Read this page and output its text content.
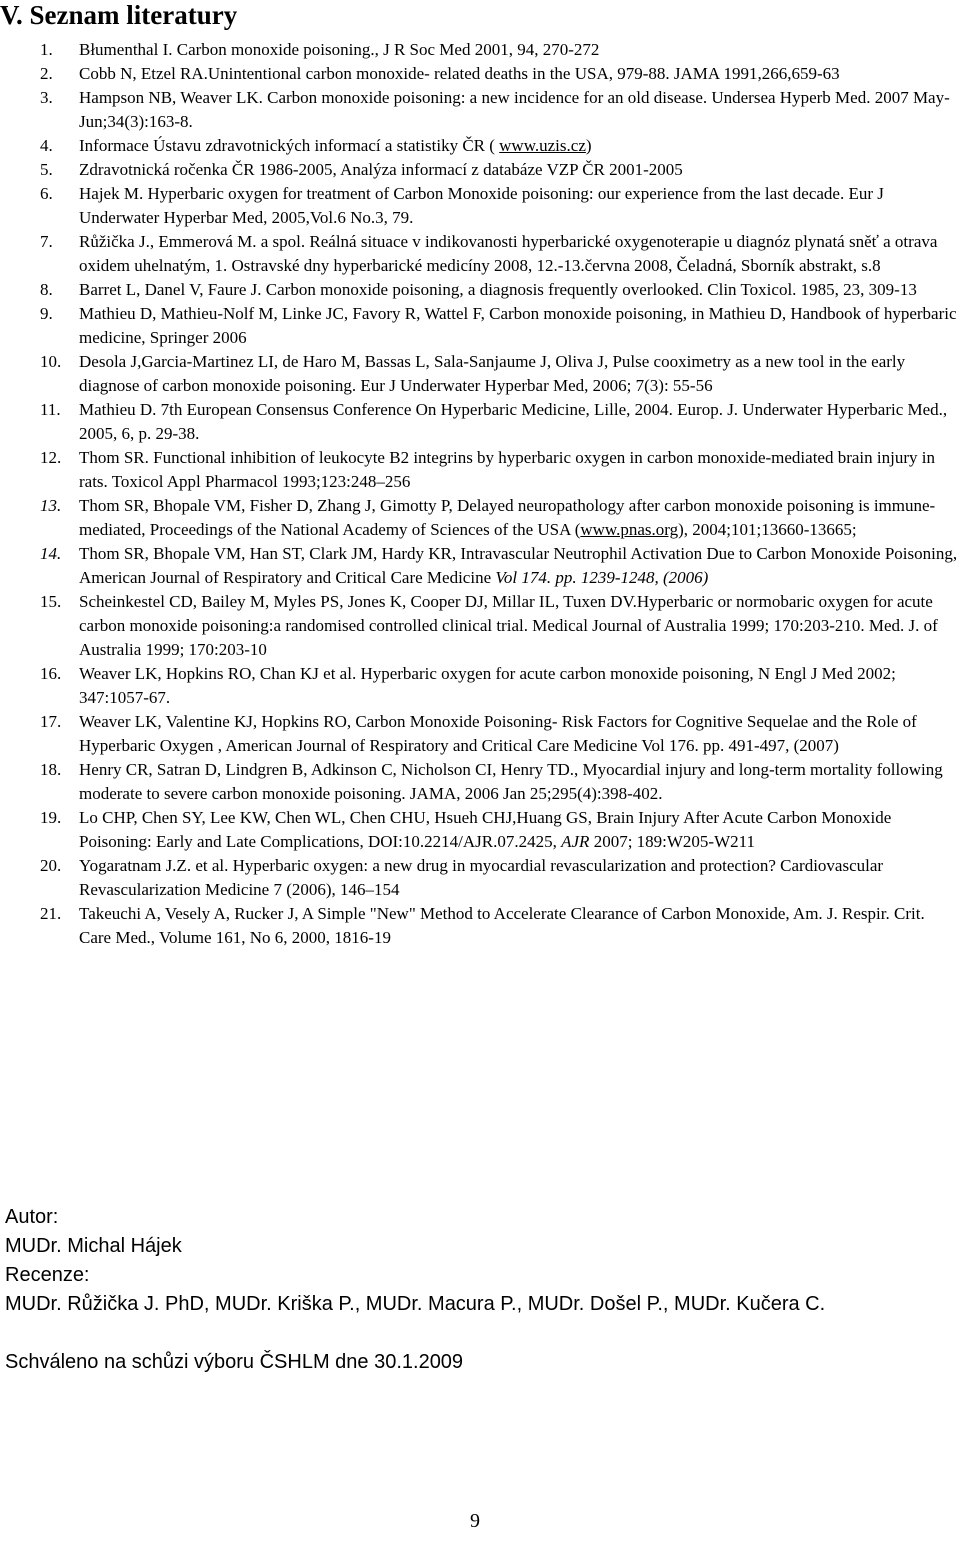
V. Seznam literatury
1. Błumenthal I. Carbon monoxide poisoning., J R Soc Med 2001, 94, 270-272
2. Cobb N, Etzel RA.Unintentional carbon monoxide- related deaths in the USA, 979-88. JAMA 1991,266,659-63
3. Hampson NB, Weaver LK. Carbon monoxide poisoning: a new incidence for an old disease. Undersea Hyperb Med. 2007 May-Jun;34(3):163-8.
4. Informace Ústavu zdravotnických informací a statistiky ČR ( www.uzis.cz)
5. Zdravotnická ročenka ČR 1986-2005, Analýza informací z databáze VZP ČR 2001-2005
6. Hajek M. Hyperbaric oxygen for treatment of Carbon Monoxide poisoning: our experience from the last decade. Eur J Underwater Hyperbar Med, 2005,Vol.6 No.3, 79.
7. Růžička J., Emmerová M. a spol. Reálná situace v indikovanosti hyperbarické oxygenoterapie u diagnóz plynatá sněť a otrava oxidem uhelnatým, 1. Ostravské dny hyperbarické medicíny 2008, 12.-13.června 2008, Čeladná, Sborník abstrakt, s.8
8. Barret L, Danel V, Faure J. Carbon monoxide poisoning, a diagnosis frequently overlooked. Clin Toxicol. 1985, 23, 309-13
9. Mathieu D, Mathieu-Nolf M, Linke JC, Favory R, Wattel F, Carbon monoxide poisoning, in Mathieu D, Handbook of hyperbaric medicine, Springer 2006
10. Desola J,Garcia-Martinez LI, de Haro M, Bassas L, Sala-Sanjaume J, Oliva J, Pulse cooximetry as a new tool in the early diagnose of carbon monoxide poisoning. Eur J Underwater Hyperbar Med, 2006; 7(3): 55-56
11. Mathieu D. 7th European Consensus Conference On Hyperbaric Medicine, Lille, 2004. Europ. J. Underwater Hyperbaric Med., 2005, 6, p. 29-38.
12. Thom SR. Functional inhibition of leukocyte B2 integrins by hyperbaric oxygen in carbon monoxide-mediated brain injury in rats. Toxicol Appl Pharmacol 1993;123:248–256
13. Thom SR, Bhopale VM, Fisher D, Zhang J, Gimotty P, Delayed neuropathology after carbon monoxide poisoning is immune- mediated, Proceedings of the National Academy of Sciences of the USA (www.pnas.org), 2004;101;13660-13665;
14. Thom SR, Bhopale VM, Han ST, Clark JM, Hardy KR, Intravascular Neutrophil Activation Due to Carbon Monoxide Poisoning, American Journal of Respiratory and Critical Care Medicine Vol 174. pp. 1239-1248, (2006)
15. Scheinkestel CD, Bailey M, Myles PS, Jones K, Cooper DJ, Millar IL, Tuxen DV.Hyperbaric or normobaric oxygen for acute carbon monoxide poisoning:a randomised controlled clinical trial. Medical Journal of Australia 1999; 170:203-210. Med. J. of Australia 1999; 170:203-10
16. Weaver LK, Hopkins RO, Chan KJ et al. Hyperbaric oxygen for acute carbon monoxide poisoning, N Engl J Med 2002; 347:1057-67.
17. Weaver LK, Valentine KJ, Hopkins RO, Carbon Monoxide Poisoning- Risk Factors for Cognitive Sequelae and the Role of Hyperbaric Oxygen , American Journal of Respiratory and Critical Care Medicine Vol 176. pp. 491-497, (2007)
18. Henry CR, Satran D, Lindgren B, Adkinson C, Nicholson CI, Henry TD., Myocardial injury and long-term mortality following moderate to severe carbon monoxide poisoning. JAMA, 2006 Jan 25;295(4):398-402.
19. Lo CHP, Chen SY, Lee KW, Chen WL, Chen CHU, Hsueh CHJ,Huang GS, Brain Injury After Acute Carbon Monoxide Poisoning: Early and Late Complications, DOI:10.2214/AJR.07.2425, AJR 2007; 189:W205-W211
20. Yogaratnam J.Z. et al. Hyperbaric oxygen: a new drug in myocardial revascularization and protection? Cardiovascular Revascularization Medicine 7 (2006), 146–154
21. Takeuchi A, Vesely A, Rucker J, A Simple "New" Method to Accelerate Clearance of Carbon Monoxide, Am. J. Respir. Crit. Care Med., Volume 161, No 6, 2000, 1816-19

Autor:

MUDr. Michal Hájek

Recenze:

MUDr. Růžička J. PhD, MUDr. Kriška P., MUDr. Macura P., MUDr. Došel P., MUDr. Kučera C.

Schváleno na schůzi výboru ČSHLM dne 30.1.2009

9
